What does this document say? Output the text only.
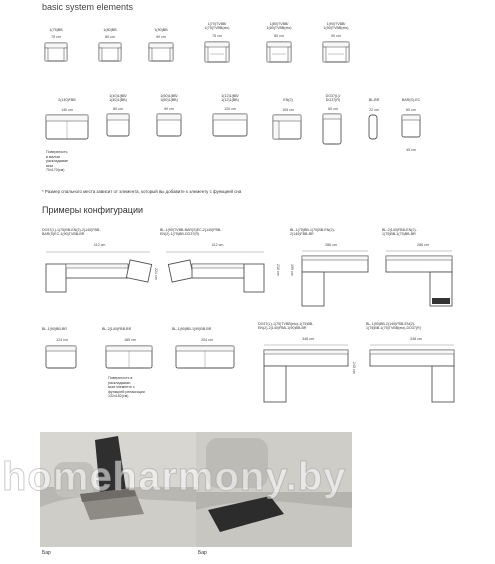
basic system elements
1(75)BB
75 cm
1(80)BB
80 cm
1(90)BB
90 cm
1(70)TVBB/
1(75)TVBB(elo)
75 cm
1(80)TVBB/
1(80)TVBB(elo)
80 cm
1(90)TVBB/
1(90)TVBB(elo)
90 cm
2(140)FBB
140 cm
Поверхность
в малом
раскладывае
мом
70х170(см)
1(40)1(BB/
1(40)1(BB)
80 cm
1(60)1(BB/
1(60)1(BB)
90 cm
1(12)1(BB/
1(12)1(BB)
120 cm
EN(2)
105 cm
DO37(L)/
DO37(R)
60 cm
BL-BR
22 cm
BAR(S)-EC
60 cm
45 cm
* Размер спального места зависит от элемента, который вы добавите к элементу с функцией сна
Примеры конфигурации
DO37(L)-1(75)BB-EN(2)-2(140)FBB-
BAR(S)EC-1(90)TVBB-BR
412 cm
224 cm
BL-1(90)TVBB-BAR(S)EC-2(140)FBB-
EN(2)-1(75)BB-DO37(R)
412 cm
210 cm
BL-1(75)BB-1(70)BB-EN(2)-
2(140)FBB-BR
286 cm
199 cm
BL-2(140)FBB-EN(2)-
1(75)BB-1(75)BB-BR
286 cm
BL-1(90)BB-BR
124 cm
BL-2(140)FBB-BR
185 cm
Поверхность в
раскладывае-
мом элементе с
функцией релаксации
132х182(см)
BL-1(90)BB-1(90)BB-BR
204 cm
DO37(L)-1(75)TVBB(elo)-1(75)BB-
EN(2)-2(140)FBB-1(90)BB-BR
348 cm
243 cm
BL-1(90)BB-2(140)FBB-EN(2)-
1(75)BB-1(75)TVBB(elo)-DO37(R)
348 cm
Бар	Бар
homeharmony.by
